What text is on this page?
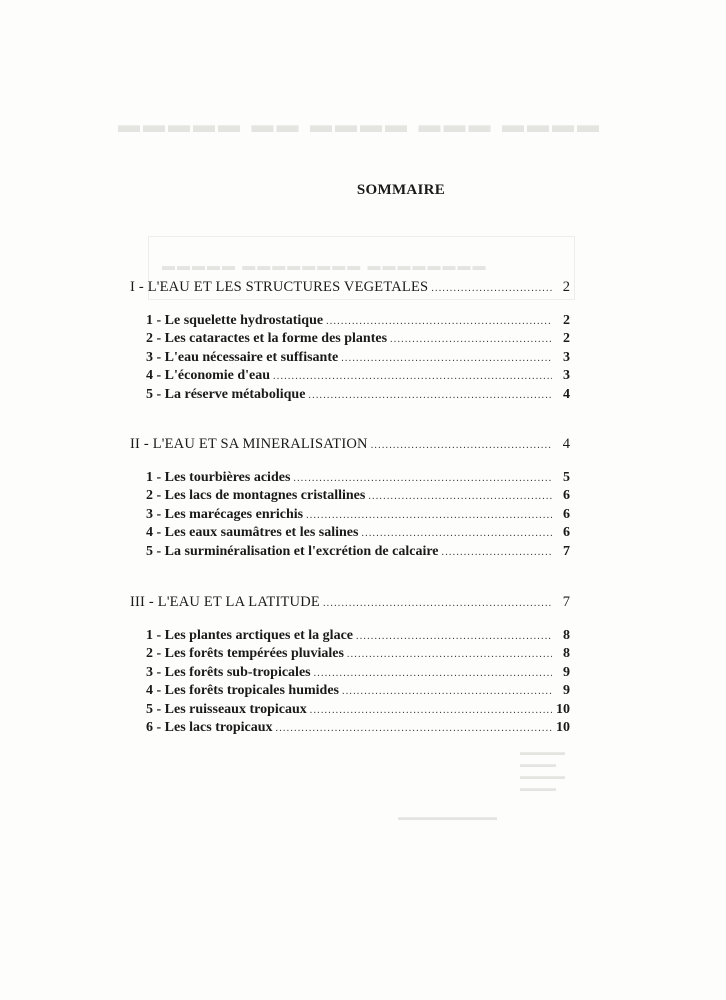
▬▬▬▬▬ ▬▬ ▬▬▬▬ ▬▬▬ ▬▬▬▬
▬▬▬▬▬ ▬▬▬▬▬▬▬▬ ▬▬▬▬▬▬▬▬
▬▬▬▬▬
▬▬▬▬
▬▬▬▬▬
▬▬▬▬
▬▬▬▬▬▬▬▬▬▬▬
SOMMAIRE
I - L'EAU ET LES STRUCTURES VEGETALES .....	2
1 - Le squelette hydrostatique .....	2
2 - Les cataractes et la forme des plantes .....	2
3 - L'eau nécessaire et suffisante .....	3
4 - L'économie d'eau .....	3
5 - La réserve métabolique .....	4
II - L'EAU ET SA MINERALISATION .....	4
1 - Les tourbières acides .....	5
2 - Les lacs de montagnes cristallines .....	6
3 - Les marécages enrichis .....	6
4 - Les eaux saumâtres et les salines .....	6
5 - La surminéralisation et l'excrétion de calcaire .....	7
III - L'EAU ET LA LATITUDE .....	7
1 - Les plantes arctiques et la glace .....	8
2 - Les forêts tempérées pluviales .....	8
3 - Les forêts sub-tropicales .....	9
4 - Les forêts tropicales humides .....	9
5 - Les ruisseaux tropicaux .....	10
6 - Les lacs tropicaux .....	10
